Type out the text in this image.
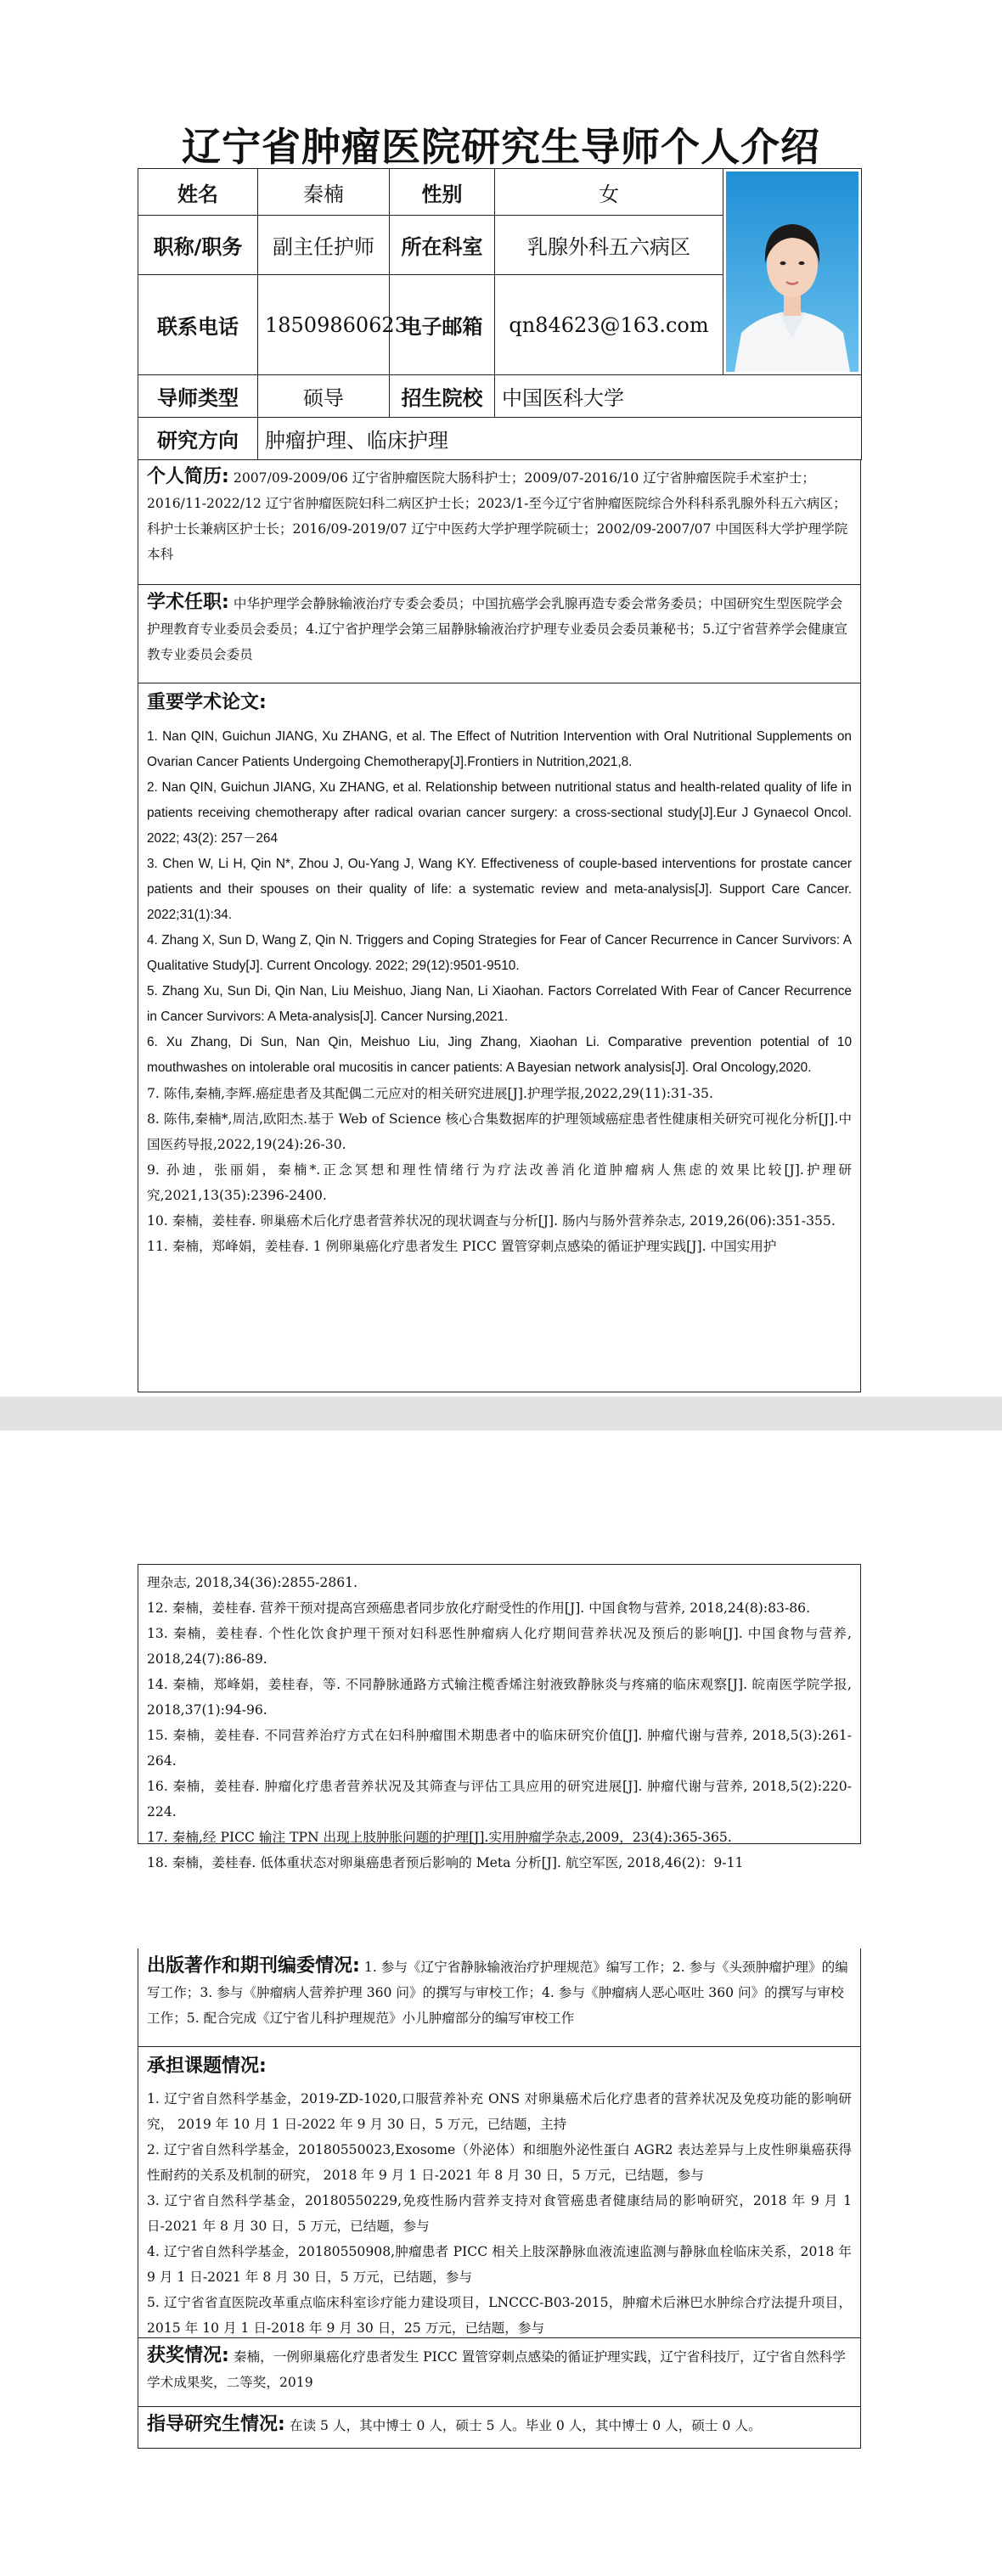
辽宁省肿瘤医院研究生导师个人介绍
姓名	秦楠	性别	女	

职称/职务	副主任护师	所在科室	乳腺外科五六病区	
联系电话	18509860623	电子邮箱	qn84623@163.com	
导师类型	硕导	招生院校	中国医科大学	
研究方向	肿瘤护理、临床护理			
个人简历: 2007/09-2009/06 辽宁省肿瘤医院大肠科护士；2009/07-2016/10 辽宁省肿瘤医院手术室护士；2016/11-2022/12 辽宁省肿瘤医院妇科二病区护士长；2023/1-至今辽宁省肿瘤医院综合外科科系乳腺外科五六病区；科护士长兼病区护士长；2016/09-2019/07 辽宁中医药大学护理学院硕士；2002/09-2007/07 中国医科大学护理学院本科
学术任职: 中华护理学会静脉输液治疗专委会委员；中国抗癌学会乳腺再造专委会常务委员；中国研究生型医院学会护理教育专业委员会委员；4.辽宁省护理学会第三届静脉输液治疗护理专业委员会委员兼秘书；5.辽宁省营养学会健康宣教专业委员会委员
重要学术论文:
1. Nan QIN, Guichun JIANG, Xu ZHANG, et al. The Effect of Nutrition Intervention with Oral Nutritional Supplements on Ovarian Cancer Patients Undergoing Chemotherapy[J].Frontiers in Nutrition,2021,8.
2. Nan QIN, Guichun JIANG, Xu ZHANG, et al. Relationship between nutritional status and health-related quality of life in patients receiving chemotherapy after radical ovarian cancer surgery: a cross-sectional study[J].Eur J Gynaecol Oncol. 2022; 43(2): 257－264
3. Chen W, Li H, Qin N*, Zhou J, Ou-Yang J, Wang KY. Effectiveness of couple-based interventions for prostate cancer patients and their spouses on their quality of life: a systematic review and meta-analysis[J]. Support Care Cancer. 2022;31(1):34.
4. Zhang X, Sun D, Wang Z, Qin N. Triggers and Coping Strategies for Fear of Cancer Recurrence in Cancer Survivors: A Qualitative Study[J]. Current Oncology. 2022; 29(12):9501-9510.
5. Zhang Xu, Sun Di, Qin Nan, Liu Meishuo, Jiang Nan, Li Xiaohan. Factors Correlated With Fear of Cancer Recurrence in Cancer Survivors: A Meta-analysis[J]. Cancer Nursing,2021.
6. Xu Zhang, Di Sun, Nan Qin, Meishuo Liu, Jing Zhang, Xiaohan Li. Comparative prevention potential of 10 mouthwashes on intolerable oral mucositis in cancer patients: A Bayesian network analysis[J]. Oral Oncology,2020.
7. 陈伟,秦楠,李辉.癌症患者及其配偶二元应对的相关研究进展[J].护理学报,2022,29(11):31-35.
8. 陈伟,秦楠*,周洁,欧阳杰.基于 Web of Science 核心合集数据库的护理领域癌症患者性健康相关研究可视化分析[J].中国医药导报,2022,19(24):26-30.
9. 孙迪，张丽娟，秦楠*.正念冥想和理性情绪行为疗法改善消化道肿瘤病人焦虑的效果比较[J].护理研究,2021,13(35):2396-2400.
10. 秦楠，姜桂春. 卵巢癌术后化疗患者营养状况的现状调查与分析[J]. 肠内与肠外营养杂志, 2019,26(06):351-355.
11. 秦楠，郑峰娟，姜桂春. 1 例卵巢癌化疗患者发生 PICC 置管穿刺点感染的循证护理实践[J]. 中国实用护
理杂志, 2018,34(36):2855-2861.
12. 秦楠，姜桂春. 营养干预对提高宫颈癌患者同步放化疗耐受性的作用[J]. 中国食物与营养, 2018,24(8):83-86.
13. 秦楠，姜桂春. 个性化饮食护理干预对妇科恶性肿瘤病人化疗期间营养状况及预后的影响[J]. 中国食物与营养, 2018,24(7):86-89.
14. 秦楠，郑峰娟，姜桂春，等. 不同静脉通路方式输注榄香烯注射液致静脉炎与疼痛的临床观察[J]. 皖南医学院学报, 2018,37(1):94-96.
15. 秦楠，姜桂春. 不同营养治疗方式在妇科肿瘤围术期患者中的临床研究价值[J]. 肿瘤代谢与营养, 2018,5(3):261-264.
16. 秦楠，姜桂春. 肿瘤化疗患者营养状况及其筛查与评估工具应用的研究进展[J]. 肿瘤代谢与营养, 2018,5(2):220-224.
17. 秦楠,经 PICC 输注 TPN 出现上肢肿胀问题的护理[J].实用肿瘤学杂志,2009，23(4):365-365.
18. 秦楠，姜桂春. 低体重状态对卵巢癌患者预后影响的 Meta 分析[J]. 航空军医, 2018,46(2)：9-11
出版著作和期刊编委情况: 1. 参与《辽宁省静脉输液治疗护理规范》编写工作；2. 参与《头颈肿瘤护理》的编写工作；3. 参与《肿瘤病人营养护理 360 问》的撰写与审校工作；4. 参与《肿瘤病人恶心呕吐 360 问》的撰写与审校工作；5. 配合完成《辽宁省儿科护理规范》小儿肿瘤部分的编写审校工作
承担课题情况:
1. 辽宁省自然科学基金，2019-ZD-1020,口服营养补充 ONS 对卵巢癌术后化疗患者的营养状况及免疫功能的影响研究， 2019 年 10 月 1 日-2022 年 9 月 30 日，5 万元，已结题，主持
2. 辽宁省自然科学基金，20180550023,Exosome（外泌体）和细胞外泌性蛋白 AGR2 表达差异与上皮性卵巢癌获得性耐药的关系及机制的研究， 2018 年 9 月 1 日-2021 年 8 月 30 日，5 万元，已结题，参与
3. 辽宁省自然科学基金，20180550229,免疫性肠内营养支持对食管癌患者健康结局的影响研究，2018 年 9 月 1 日-2021 年 8 月 30 日，5 万元，已结题，参与
4. 辽宁省自然科学基金，20180550908,肿瘤患者 PICC 相关上肢深静脉血液流速监测与静脉血栓临床关系，2018 年 9 月 1 日-2021 年 8 月 30 日，5 万元，已结题，参与
5. 辽宁省省直医院改革重点临床科室诊疗能力建设项目，LNCCC-B03-2015，肿瘤术后淋巴水肿综合疗法提升项目，2015 年 10 月 1 日-2018 年 9 月 30 日，25 万元，已结题，参与
获奖情况: 秦楠，一例卵巢癌化疗患者发生 PICC 置管穿刺点感染的循证护理实践，辽宁省科技厅，辽宁省自然科学学术成果奖，二等奖，2019
指导研究生情况: 在读 5 人，其中博士 0 人，硕士 5 人。毕业 0 人，其中博士 0 人，硕士 0 人。
